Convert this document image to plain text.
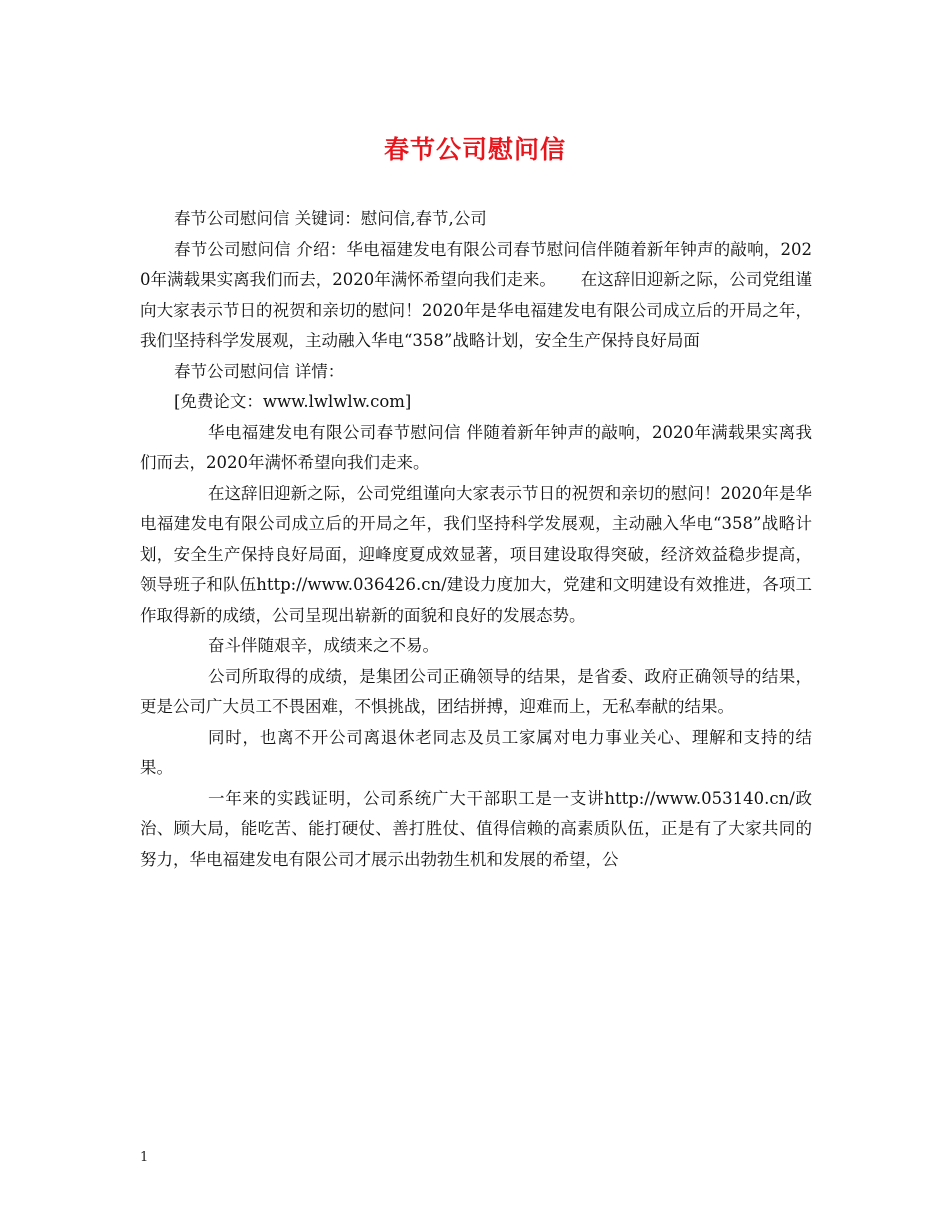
春节公司慰问信

春节公司慰问信 关键词：慰问信,春节,公司

春节公司慰问信 介绍：华电福建发电有限公司春节慰问信伴随着新年钟声的敲响，2020年满载果实离我们而去，2020年满怀希望向我们走来。　　在这辞旧迎新之际，公司党组谨向大家表示节日的祝贺和亲切的慰问！2020年是华电福建发电有限公司成立后的开局之年，我们坚持科学发展观，主动融入华电“358”战略计划，安全生产保持良好局面

春节公司慰问信 详情：

[免费论文：www.lwlwlw.com]

华电福建发电有限公司春节慰问信 伴随着新年钟声的敲响，2020年满载果实离我们而去，2020年满怀希望向我们走来。

在这辞旧迎新之际，公司党组谨向大家表示节日的祝贺和亲切的慰问！2020年是华电福建发电有限公司成立后的开局之年，我们坚持科学发展观，主动融入华电“358”战略计划，安全生产保持良好局面，迎峰度夏成效显著，项目建设取得突破，经济效益稳步提高，领导班子和队伍http://www.036426.cn/建设力度加大，党建和文明建设有效推进，各项工作取得新的成绩，公司呈现出崭新的面貌和良好的发展态势。

奋斗伴随艰辛，成绩来之不易。

公司所取得的成绩，是集团公司正确领导的结果，是省委、政府正确领导的结果，更是公司广大员工不畏困难，不惧挑战，团结拼搏，迎难而上，无私奉献的结果。

同时，也离不开公司离退休老同志及员工家属对电力事业关心、理解和支持的结果。

一年来的实践证明，公司系统广大干部职工是一支讲http://www.053140.cn/政治、顾大局，能吃苦、能打硬仗、善打胜仗、值得信赖的高素质队伍，正是有了大家共同的努力，华电福建发电有限公司才展示出勃勃生机和发展的希望，公

1
